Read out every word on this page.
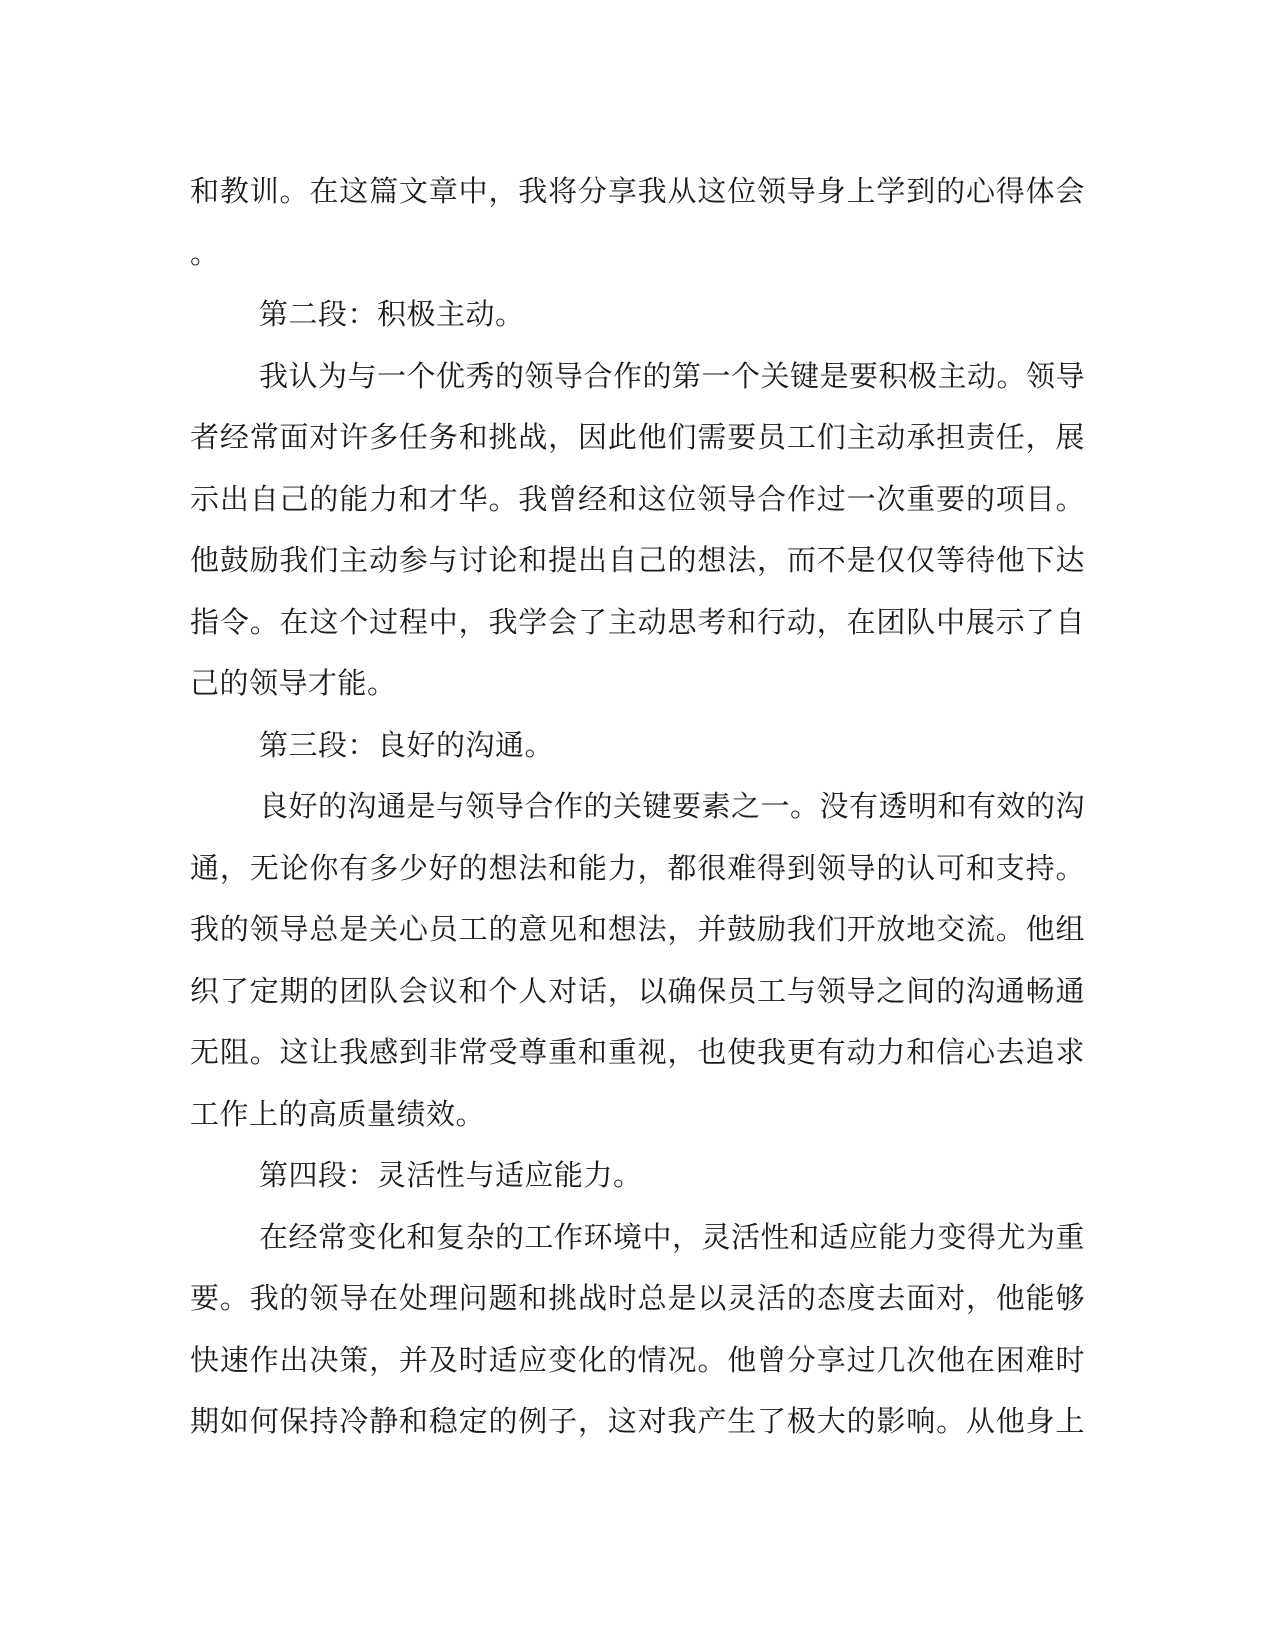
和教训。在这篇文章中，我将分享我从这位领导身上学到的心得体会
。
第二段：积极主动。
我认为与一个优秀的领导合作的第一个关键是要积极主动。领导
者经常面对许多任务和挑战，因此他们需要员工们主动承担责任，展
示出自己的能力和才华。我曾经和这位领导合作过一次重要的项目。
他鼓励我们主动参与讨论和提出自己的想法，而不是仅仅等待他下达
指令。在这个过程中，我学会了主动思考和行动，在团队中展示了自
己的领导才能。
第三段：良好的沟通。
良好的沟通是与领导合作的关键要素之一。没有透明和有效的沟
通，无论你有多少好的想法和能力，都很难得到领导的认可和支持。
我的领导总是关心员工的意见和想法，并鼓励我们开放地交流。他组
织了定期的团队会议和个人对话，以确保员工与领导之间的沟通畅通
无阻。这让我感到非常受尊重和重视，也使我更有动力和信心去追求
工作上的高质量绩效。
第四段：灵活性与适应能力。
在经常变化和复杂的工作环境中，灵活性和适应能力变得尤为重
要。我的领导在处理问题和挑战时总是以灵活的态度去面对，他能够
快速作出决策，并及时适应变化的情况。他曾分享过几次他在困难时
期如何保持冷静和稳定的例子，这对我产生了极大的影响。从他身上
